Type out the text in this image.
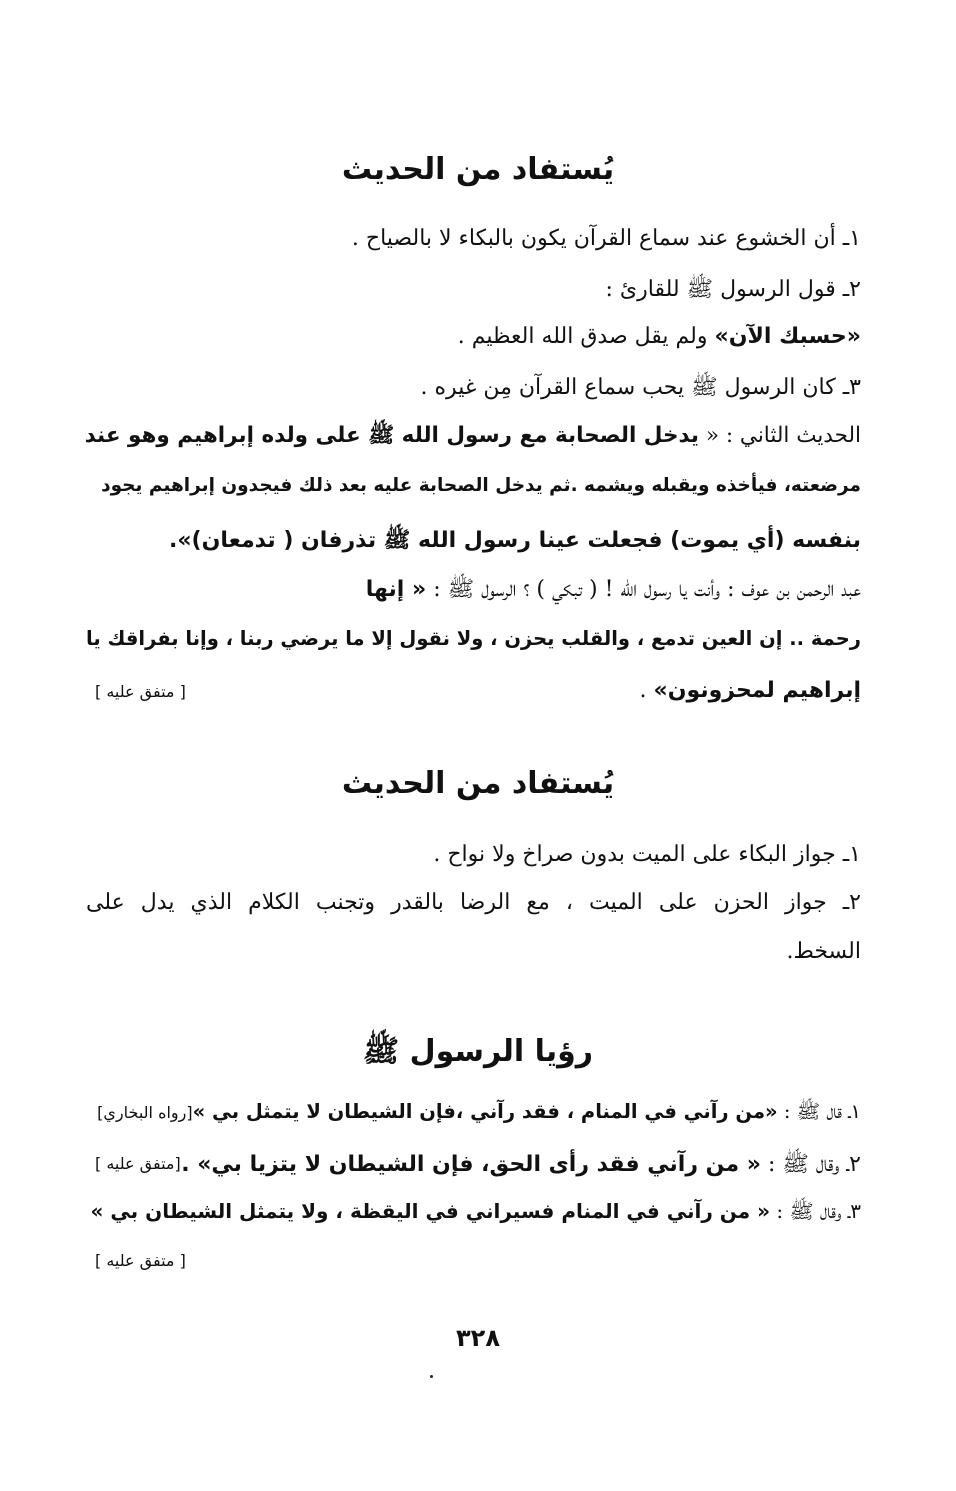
يُستفاد من الحديث
١ـ أن الخشوع عند سماع القرآن يكون بالبكاء لا بالصياح .
٢ـ قول الرسول ﷺ للقارئ :
«حسبك الآن» ولم يقل صدق الله العظيم .
٣ـ كان الرسول ﷺ يحب سماع القرآن مِن غيره .
الحديث الثاني : « يدخل الصحابة مع رسول الله ﷺ على ولده إبراهيم وهو عند
مرضعته، فيأخذه ويقبله ويشمه .ثم يدخل الصحابة عليه بعد ذلك فيجدون إبراهيم يجود
بنفسه (أي يموت) فجعلت عينا رسول الله ﷺ تذرفان ( تدمعان)».
عبد الرحمن بن عوف : وأنت يا رسول الله ! ( تبكي ) ؟ الرسول ﷺ : « إنها
رحمة .. إن العين تدمع ، والقلب يحزن ، ولا نقول إلا ما يرضي ربنا ، وإنا بفراقك يا
إبراهيم لمحزونون» .
[ متفق عليه ]
يُستفاد من الحديث
١ـ جواز البكاء على الميت بدون صراخ ولا نواح .
٢ـ جواز الحزن على الميت ، مع الرضا بالقدر وتجنب الكلام الذي يدل على
السخط.
رؤيا الرسول ﷺ
١ـ قال ﷺ : «من رآني في المنام ، فقد رآني ،فإن الشيطان لا يتمثل بي »[رواه البخاري]
٢ـ وقال ﷺ : « من رآني فقد رأى الحق، فإن الشيطان لا يتزيا بي» .
[متفق عليه ]
٣ـ وقال ﷺ : « من رآني في المنام فسيراني في اليقظة ، ولا يتمثل الشيطان بي »
[ متفق عليه ]
٣٢٨
